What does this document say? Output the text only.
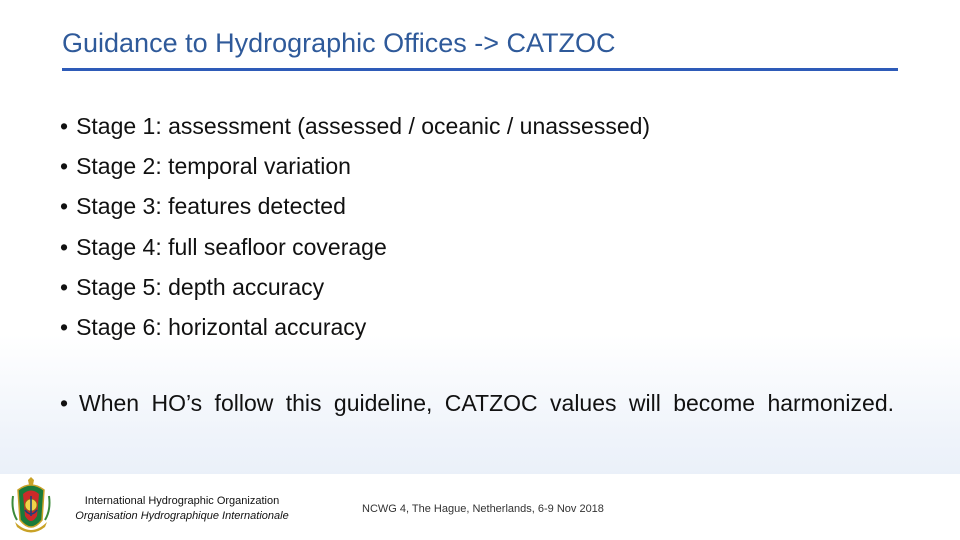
Guidance to Hydrographic Offices -> CATZOC
• Stage 1: assessment (assessed / oceanic / unassessed)
• Stage 2: temporal variation
• Stage 3: features detected
• Stage 4: full seafloor coverage
• Stage 5: depth accuracy
• Stage 6: horizontal accuracy
• When HO’s follow this guideline, CATZOC values will become harmonized.
International Hydrographic Organization
Organisation Hydrographique Internationale
NCWG 4, The Hague, Netherlands, 6-9 Nov 2018
